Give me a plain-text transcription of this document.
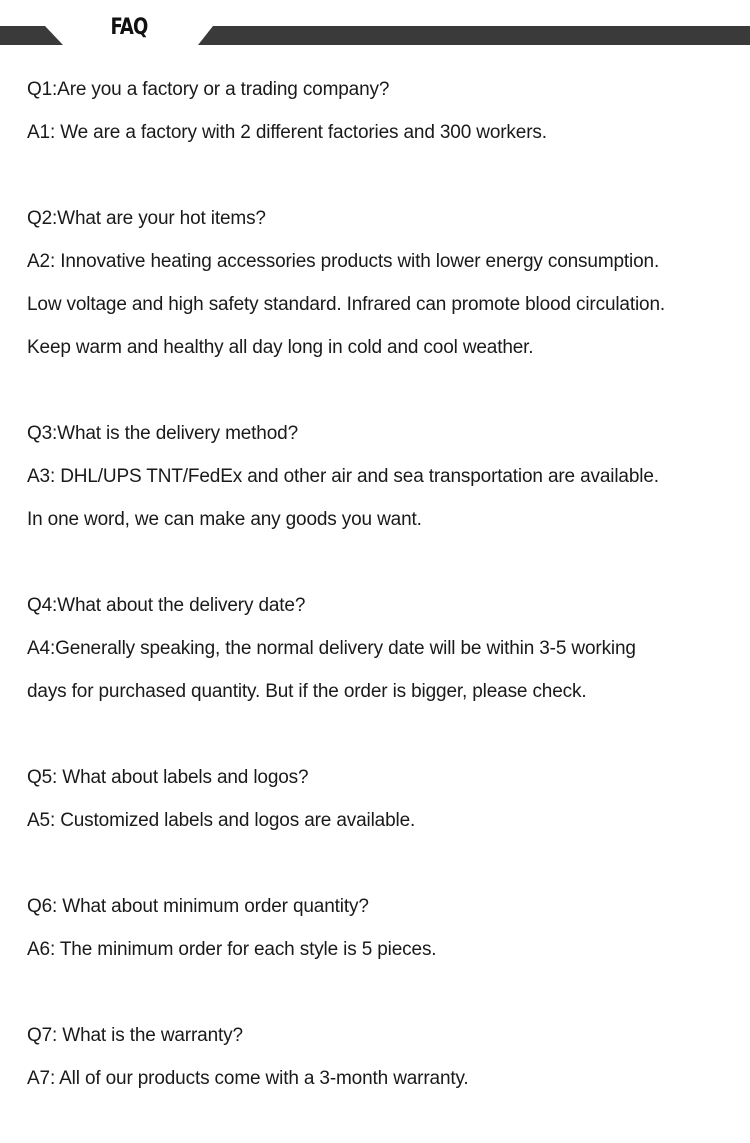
FAQ
Q1:Are you a factory or a trading company?
A1: We are a factory with 2 different factories and 300 workers.
Q2:What are your hot items?
A2: Innovative heating accessories products with lower energy consumption.
Low voltage and high safety standard. Infrared can promote blood circulation.
Keep warm and healthy all day long in cold and cool weather.
Q3:What is the delivery method?
A3: DHL/UPS TNT/FedEx and other air and sea transportation are available.
In one word, we can make any goods you want.
Q4:What about the delivery date?
A4:Generally speaking, the normal delivery date will be within 3-5 working
days for purchased quantity. But if the order is bigger, please check.
Q5: What about labels and logos?
A5: Customized labels and logos are available.
Q6: What about minimum order quantity?
A6: The minimum order for each style is 5 pieces.
Q7: What is the warranty?
A7: All of our products come with a 3-month warranty.
